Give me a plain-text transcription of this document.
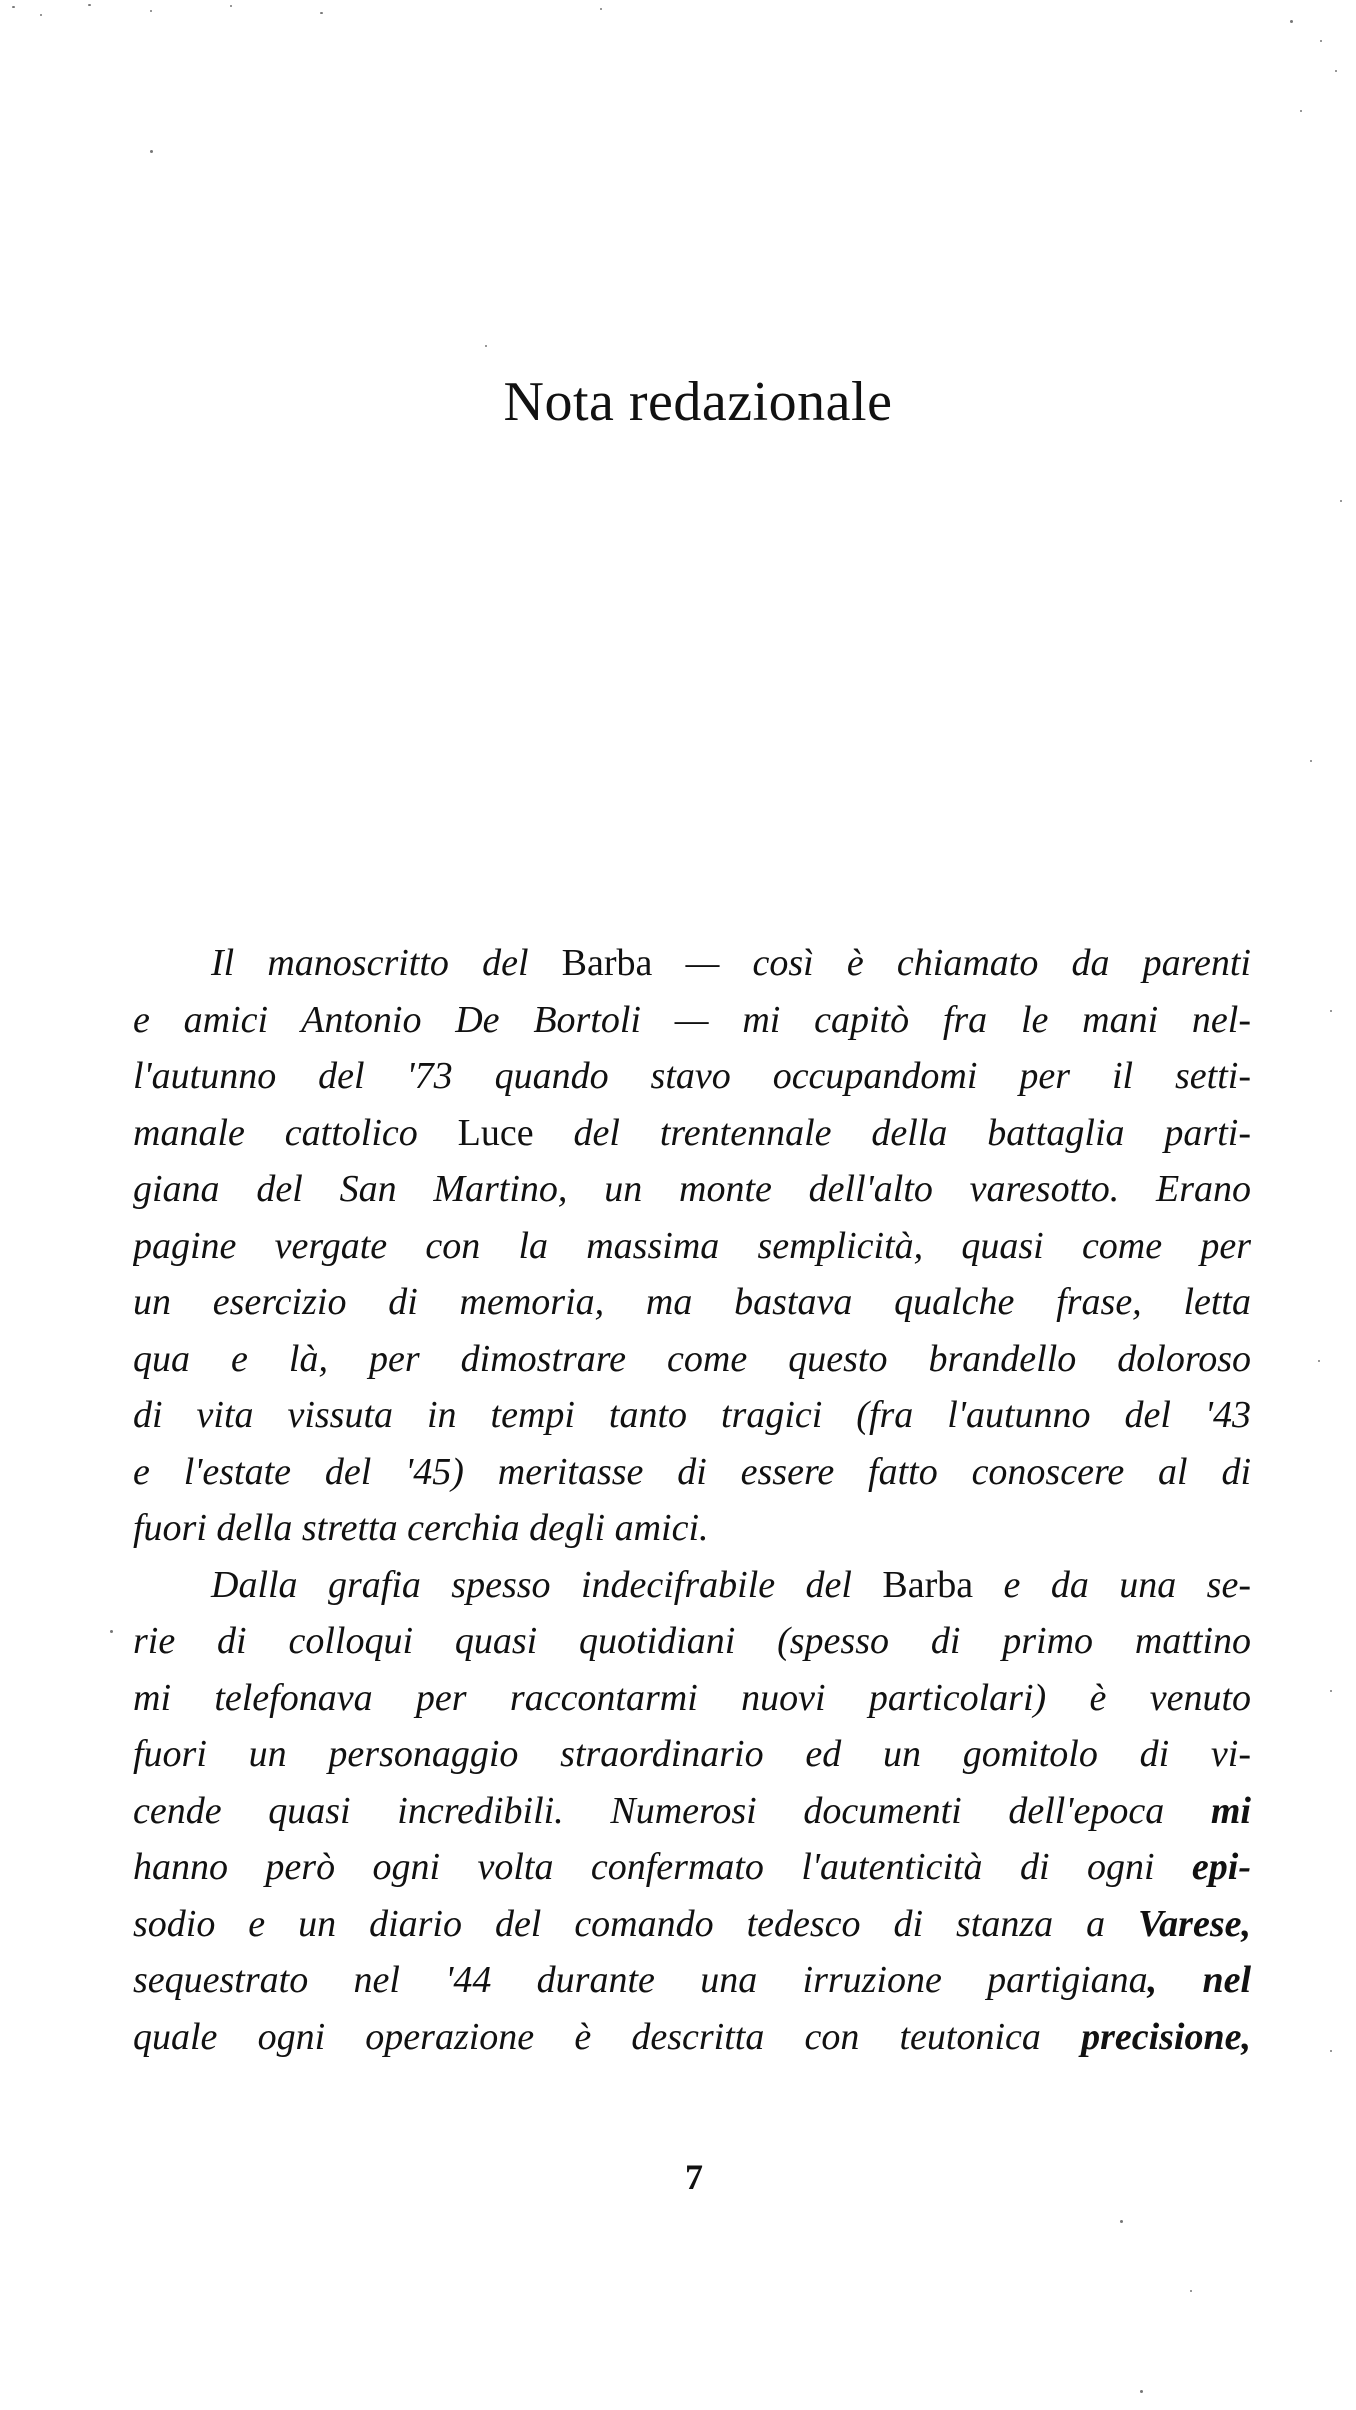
Nota redazionale
Il manoscritto del Barba — così è chiamato da parenti
e amici Antonio De Bortoli — mi capitò fra le mani nel-
l'autunno del '73 quando stavo occupandomi per il setti-
manale cattolico Luce del trentennale della battaglia parti-
giana del San Martino, un monte dell'alto varesotto. Erano
pagine vergate con la massima semplicità, quasi come per
un esercizio di memoria, ma bastava qualche frase, letta
qua e là, per dimostrare come questo brandello doloroso
di vita vissuta in tempi tanto tragici (fra l'autunno del '43
e l'estate del '45) meritasse di essere fatto conoscere al di
fuori della stretta cerchia degli amici.
Dalla grafia spesso indecifrabile del Barba e da una se-
rie di colloqui quasi quotidiani (spesso di primo mattino
mi telefonava per raccontarmi nuovi particolari) è venuto
fuori un personaggio straordinario ed un gomitolo di vi-
cende quasi incredibili. Numerosi documenti dell'epoca mi
hanno però ogni volta confermato l'autenticità di ogni epi-
sodio e un diario del comando tedesco di stanza a Varese,
sequestrato nel '44 durante una irruzione partigiana, nel
quale ogni operazione è descritta con teutonica precisione,
7
